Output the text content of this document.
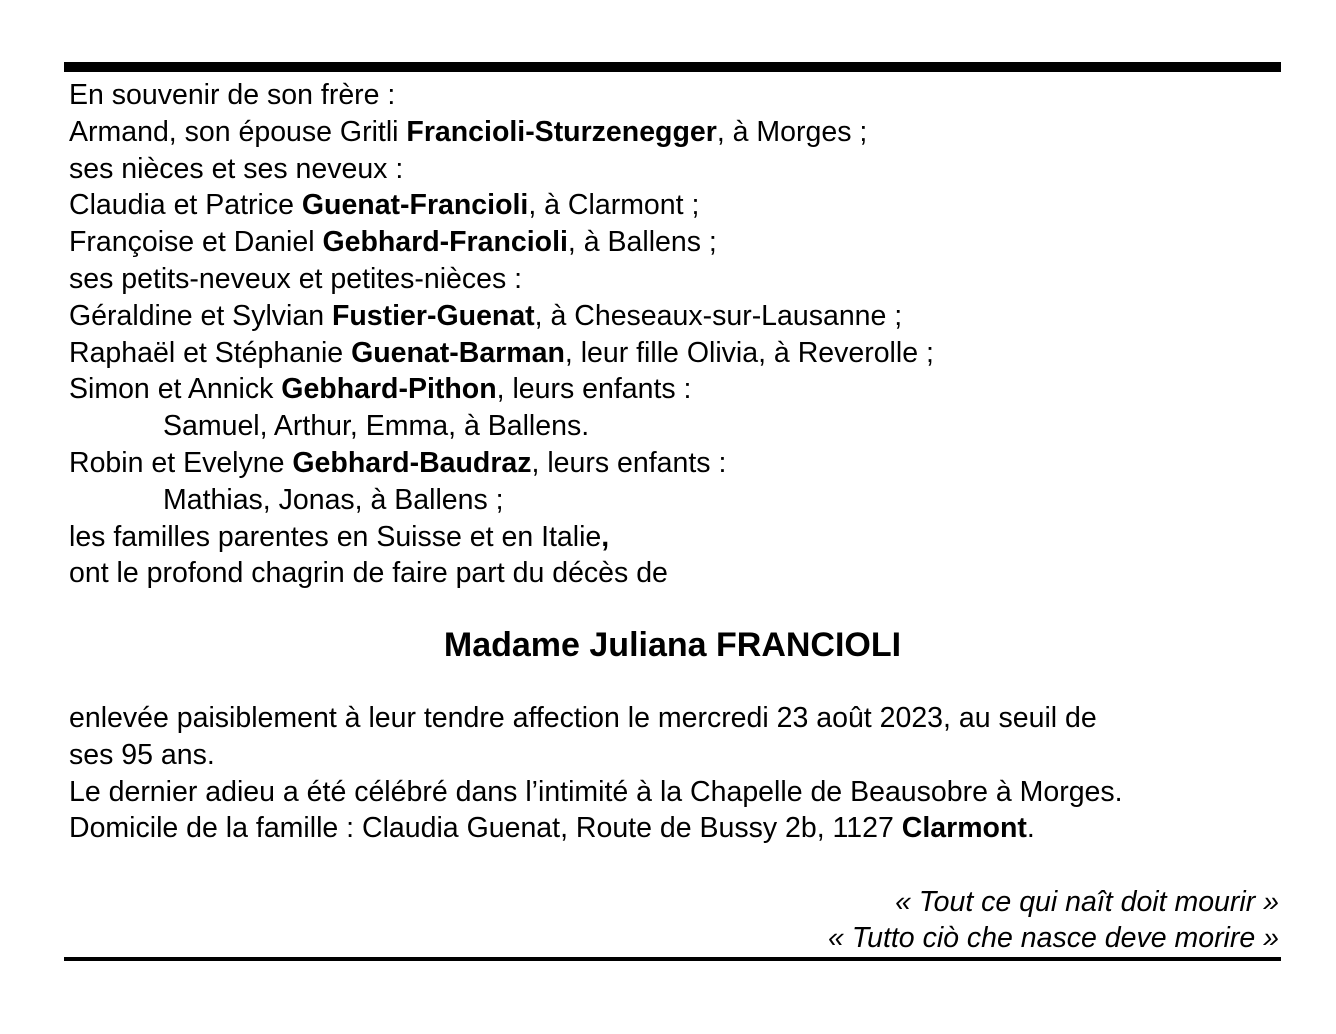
En souvenir de son frère :
Armand, son épouse Gritli Francioli-Sturzenegger, à Morges ;
ses nièces et ses neveux :
Claudia et Patrice Guenat-Francioli, à Clarmont ;
Françoise et Daniel Gebhard-Francioli, à Ballens ;
ses petits-neveux et petites-nièces :
Géraldine et Sylvian Fustier-Guenat, à Cheseaux-sur-Lausanne ;
Raphaël et Stéphanie Guenat-Barman, leur fille Olivia, à Reverolle ;
Simon et Annick Gebhard-Pithon, leurs enfants :
Samuel, Arthur, Emma, à Ballens.
Robin et Evelyne Gebhard-Baudraz, leurs enfants :
Mathias, Jonas, à Ballens ;
les familles parentes en Suisse et en Italie,
ont le profond chagrin de faire part du décès de
Madame Juliana FRANCIOLI
enlevée paisiblement à leur tendre affection le mercredi 23 août 2023, au seuil de
ses 95 ans.
Le dernier adieu a été célébré dans l’intimité à la Chapelle de Beausobre à Morges.
Domicile de la famille : Claudia Guenat, Route de Bussy 2b, 1127 Clarmont.
« Tout ce qui naît doit mourir »
« Tutto ciò che nasce deve morire »
